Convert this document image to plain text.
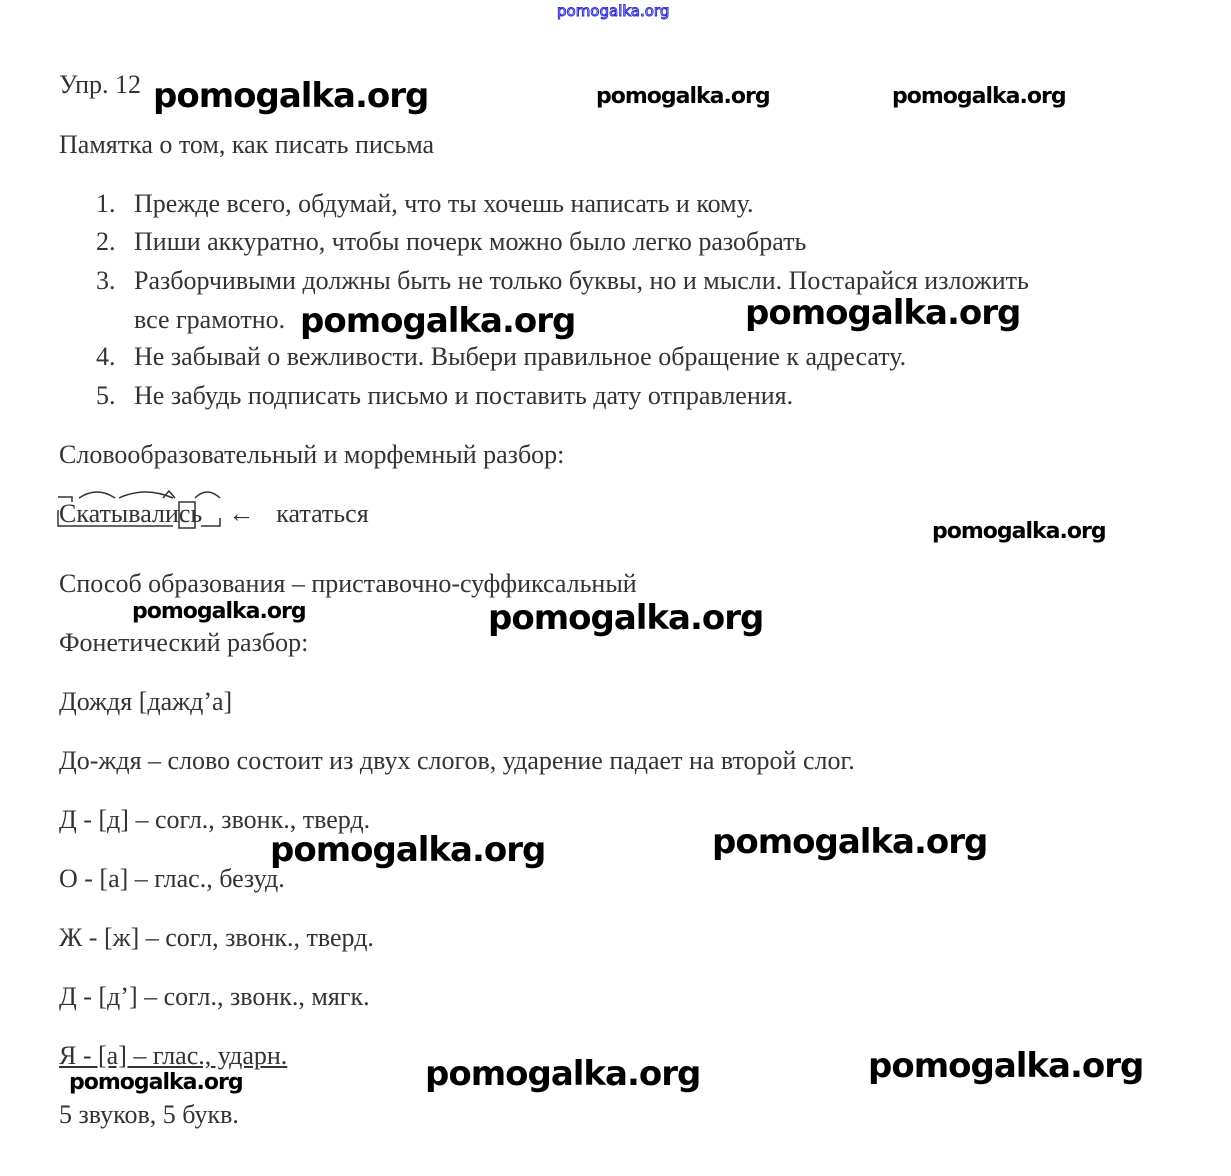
pomogalka.org
Упр. 12
Памятка о том, как писать письма
1. Прежде всего, обдумай, что ты хочешь написать и кому.
2. Пиши аккуратно, чтобы почерк можно было легко разобрать
3. Разборчивыми должны быть не только буквы, но и мысли. Постарайся изложить
все грамотно.
4. Не забывай о вежливости. Выбери правильное обращение к адресату.
5. Не забудь подписать письмо и поставить дату отправления.
Словообразовательный и морфемный разбор:
Скатывались ← кататься
Способ образования – приставочно-суффиксальный
Фонетический разбор:
Дождя [дажд’а]
До-ждя – слово состоит из двух слогов, ударение падает на второй слог.
Д - [д] – согл., звонк., тверд.
О - [а] – глас., безуд.
Ж - [ж] – согл, звонк., тверд.
Д - [д’] – согл., звонк., мягк.
Я - [а] – глас., ударн.
5 звуков, 5 букв.
pomogalka.org	pomogalka.org	pomogalka.org
pomogalka.org	pomogalka.org
pomogalka.org
pomogalka.org	pomogalka.org
pomogalka.org	pomogalka.org
pomogalka.org	pomogalka.org	pomogalka.org
